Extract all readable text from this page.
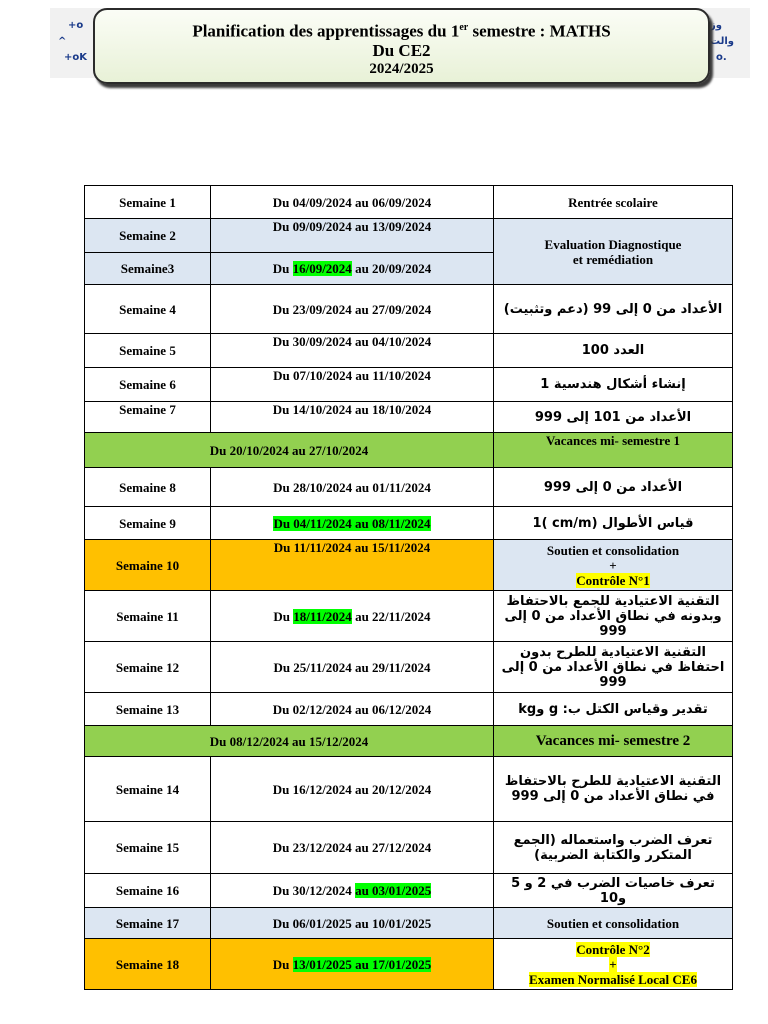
+o
^
+oK
وز
والت
o.
Planification des apprentissages du 1er semestre : MATHS
Du CE2
2024/2025
Semaine 1	Du 04/09/2024 au 06/09/2024	Rentrée scolaire
Semaine 2	Du 09/09/2024 au 13/09/2024	Evaluation Diagnostique
et remédiation
Semaine3	Du 16/09/2024 au 20/09/2024	
Semaine 4	Du 23/09/2024 au 27/09/2024	الأعداد من 0 إلى 99 (دعم وتثبيت)
Semaine 5	Du 30/09/2024 au 04/10/2024	العدد 100
Semaine 6	Du 07/10/2024 au 11/10/2024	إنشاء أشكال هندسية 1
Semaine 7	Du 14/10/2024 au 18/10/2024	الأعداد من 101 إلى 999
Du 20/10/2024 au 27/10/2024		Vacances mi- semestre 1
Semaine 8	Du 28/10/2024 au 01/11/2024	الأعداد من 0 إلى 999
Semaine 9	Du 04/11/2024 au 08/11/2024	قياس الأطوال (cm/m )1
Semaine 10	Du 11/11/2024 au 15/11/2024	Soutien et consolidation
+
Contrôle N°1
Semaine 11	Du 18/11/2024 au 22/11/2024	التقنية الاعتيادية للجمع بالاحتفاظ وبدونه في نطاق الأعداد من 0 إلى 999
Semaine 12	Du 25/11/2024 au 29/11/2024	التقنية الاعتيادية للطرح بدون احتفاظ في نطاق الأعداد من 0 إلى 999
Semaine 13	Du 02/12/2024 au 06/12/2024	تقدير وقياس الكتل ب: g وkg
Du 08/12/2024 au 15/12/2024		Vacances mi- semestre 2
Semaine 14	Du 16/12/2024 au 20/12/2024	التقنية الاعتيادية للطرح بالاحتفاظ في نطاق الأعداد من 0 إلى 999
Semaine 15	Du 23/12/2024 au 27/12/2024	تعرف الضرب واستعماله (الجمع المتكرر والكتابة الضربية)
Semaine 16	Du 30/12/2024 au 03/01/2025	تعرف خاصيات الضرب في 2 و 5 و10
Semaine 17	Du 06/01/2025 au 10/01/2025	Soutien et consolidation
Semaine 18	Du 13/01/2025 au 17/01/2025	Contrôle N°2
+
Examen Normalisé Local CE6
